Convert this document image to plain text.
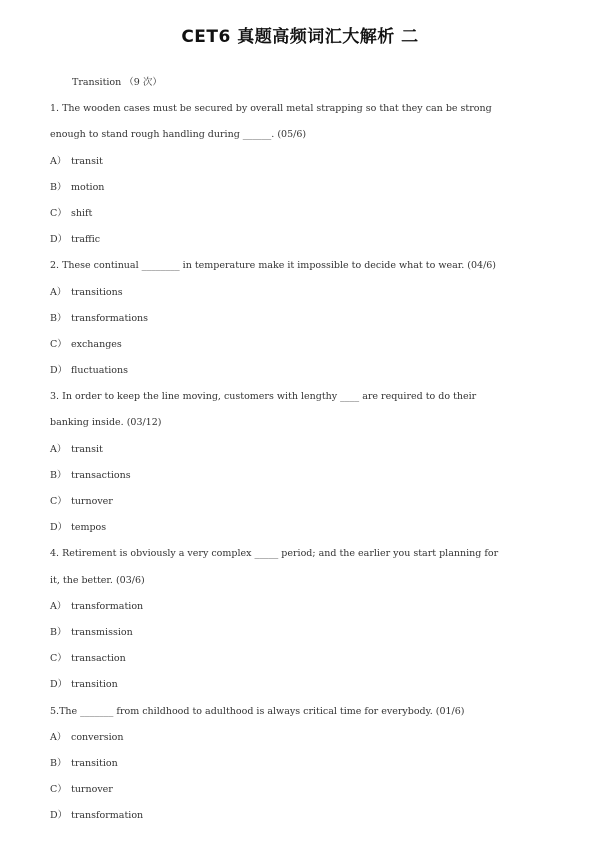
CET6 真题高频词汇大解析 二
Transition （9 次）
1. The wooden cases must be secured by overall metal strapping so that they can be strong
enough to stand rough handling during ______. (05/6)
A） transit
B） motion
C） shift
D） traffic
2. These continual ________ in temperature make it impossible to decide what to wear. (04/6)
A） transitions
B） transformations
C） exchanges
D） fluctuations
3. In order to keep the line moving, customers with lengthy ____ are required to do their
banking inside. (03/12)
A） transit
B） transactions
C） turnover
D） tempos
4. Retirement is obviously a very complex _____ period; and the earlier you start planning for
it, the better. (03/6)
A） transformation
B） transmission
C） transaction
D） transition
5.The _______ from childhood to adulthood is always critical time for everybody. (01/6)
A） conversion
B） transition
C） turnover
D） transformation
